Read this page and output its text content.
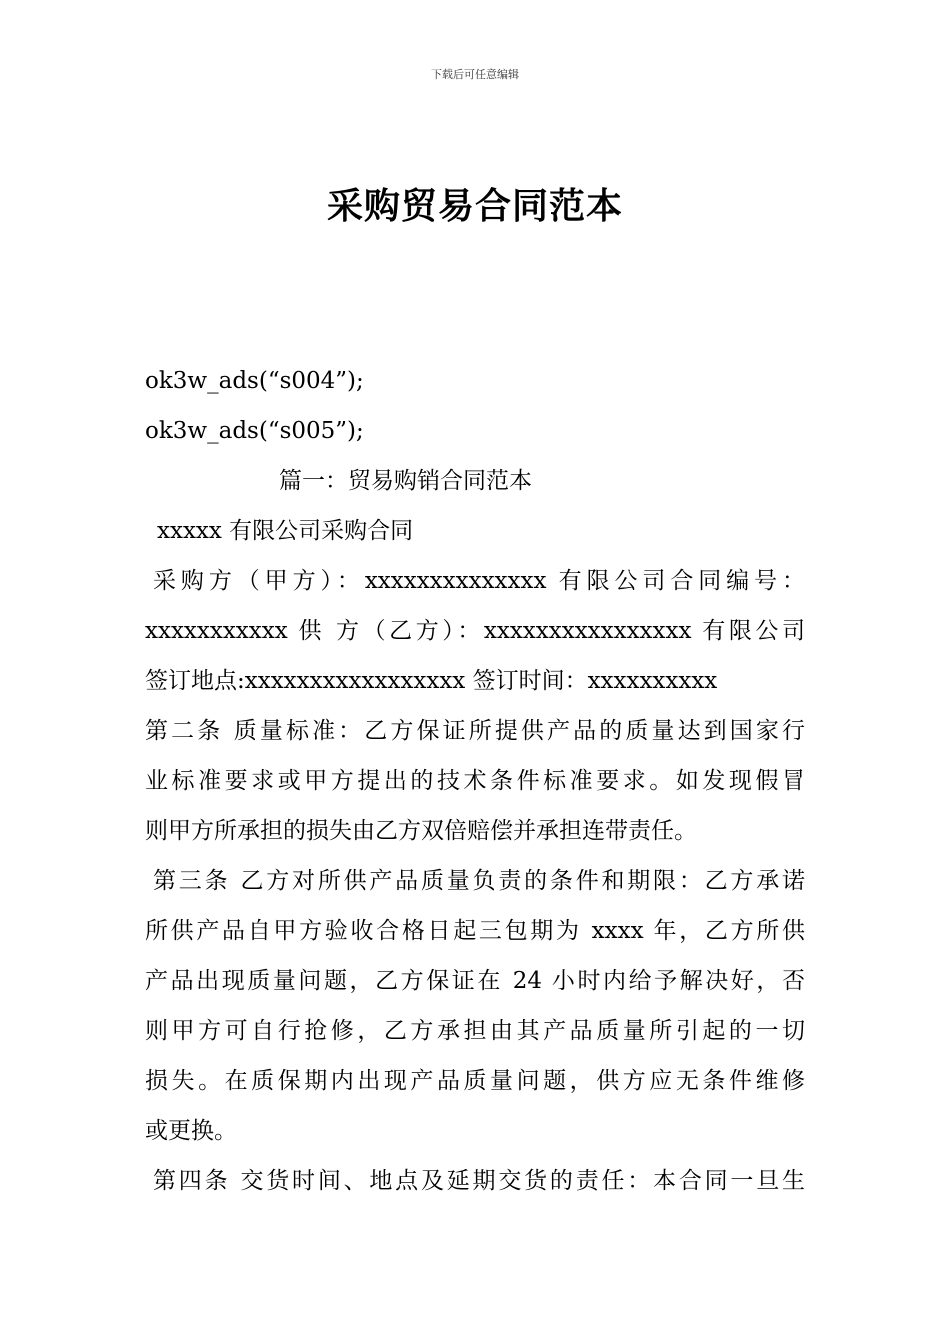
下载后可任意编辑
采购贸易合同范本
ok3w_ads(“s004”);
ok3w_ads(“s005”);
篇一：贸易购销合同范本
xxxxx 有限公司采购合同
采购方（甲方）：xxxxxxxxxxxxxx 有限公司合同编号：
xxxxxxxxxxx 供 方（乙方）：xxxxxxxxxxxxxxxx 有限公司
签订地点:xxxxxxxxxxxxxxxxx 签订时间：xxxxxxxxxx
第二条 质量标准：乙方保证所提供产品的质量达到国家行
业标准要求或甲方提出的技术条件标准要求。如发现假冒
则甲方所承担的损失由乙方双倍赔偿并承担连带责任。
第三条 乙方对所供产品质量负责的条件和期限：乙方承诺
所供产品自甲方验收合格日起三包期为 xxxx 年，乙方所供
产品出现质量问题，乙方保证在 24 小时内给予解决好，否
则甲方可自行抢修，乙方承担由其产品质量所引起的一切
损失。在质保期内出现产品质量问题，供方应无条件维修
或更换。
第四条 交货时间、地点及延期交货的责任：本合同一旦生
